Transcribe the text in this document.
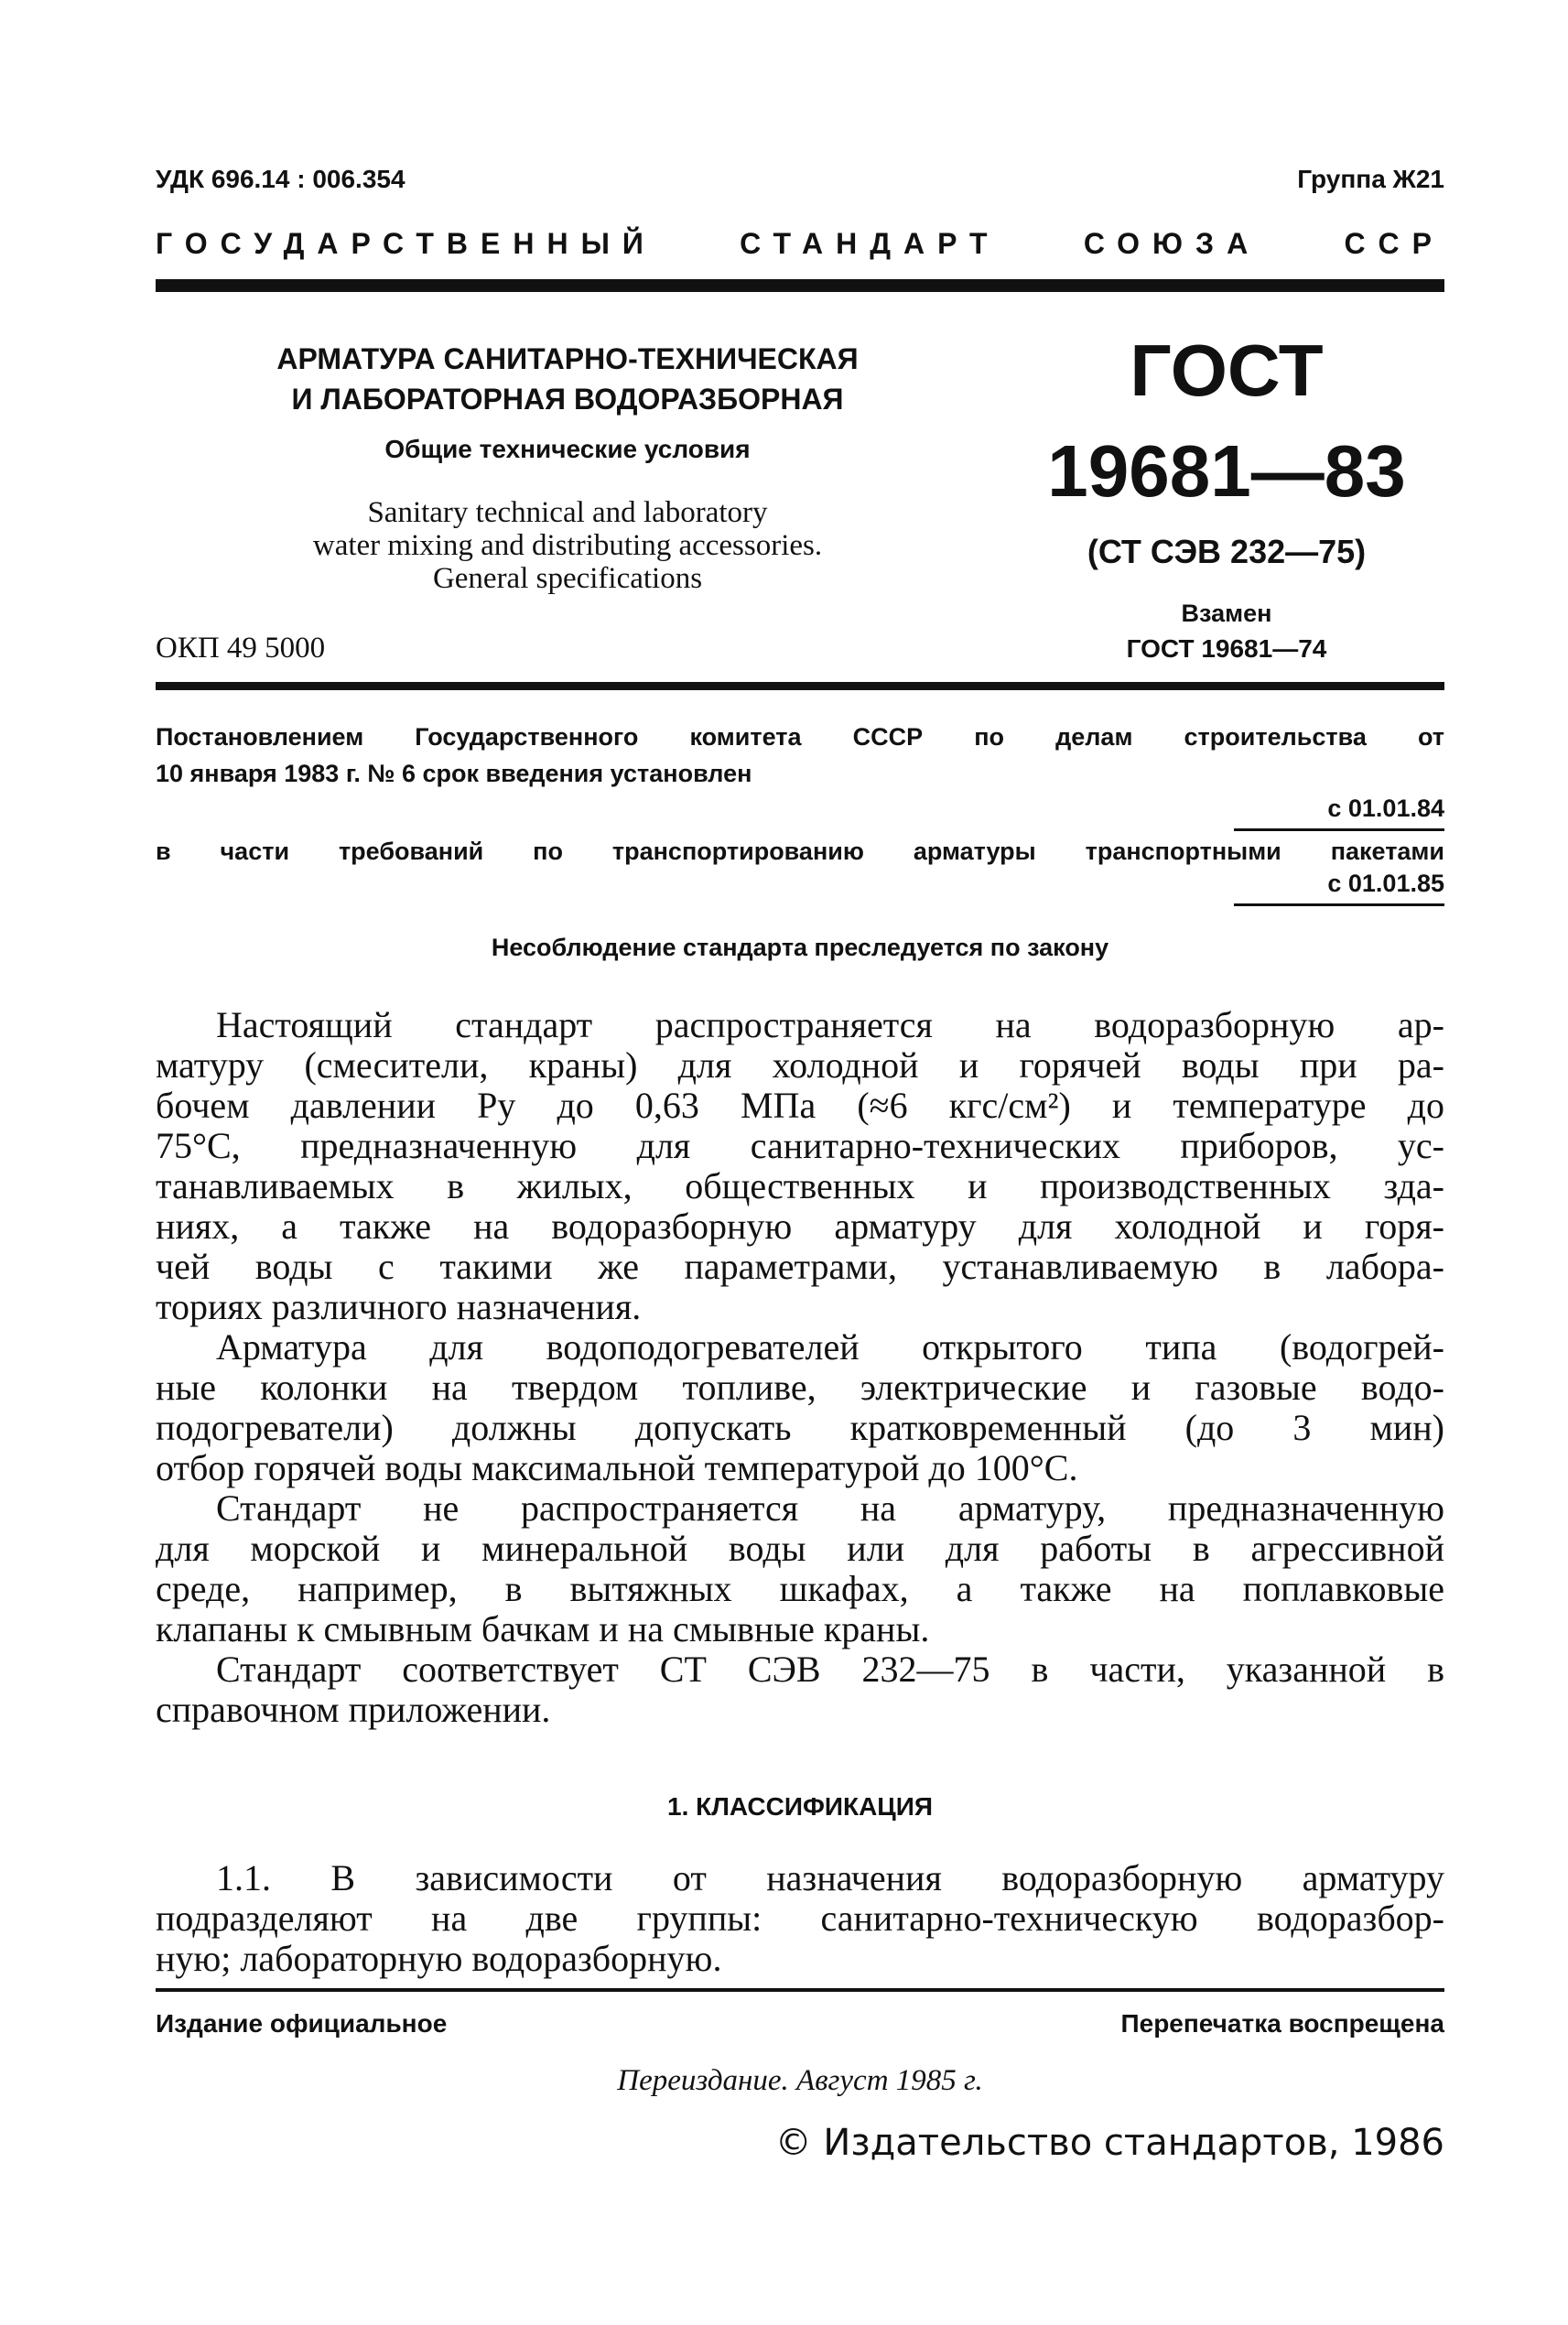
УДК 696.14 : 006.354	Группа Ж21
ГОСУДАРСТВЕННЫЙ СТАНДАРТ СОЮЗА ССР
АРМАТУРА САНИТАРНО-ТЕХНИЧЕСКАЯ
И ЛАБОРАТОРНАЯ ВОДОРАЗБОРНАЯ
Общие технические условия
Sanitary technical and laboratory
water mixing and distributing accessories.
General specifications
ОКП 49 5000
ГОСТ
19681—83
(СТ СЭВ 232—75)
Взамен
ГОСТ 19681—74
Постановлением Государственного комитета СССР по делам строительства от
10 января 1983 г. № 6 срок введения установлен
с 01.01.84
в части требований по транспортированию арматуры транспортными пакетами
с 01.01.85
Несоблюдение стандарта преследуется по закону
Настоящий стандарт распространяется на водоразборную ар-
матуру (смесители, краны) для холодной и горячей воды при ра-
бочем давлении Ру до 0,63 МПа (≈6 кгс/см²) и температуре до
75°С, предназначенную для санитарно-технических приборов, ус-
танавливаемых в жилых, общественных и производственных зда-
ниях, а также на водоразборную арматуру для холодной и горя-
чей воды с такими же параметрами, устанавливаемую в лабора-
ториях различного назначения.
Арматура для водоподогревателей открытого типа (водогрей-
ные колонки на твердом топливе, электрические и газовые водо-
подогреватели) должны допускать кратковременный (до 3 мин)
отбор горячей воды максимальной температурой до 100°С.
Стандарт не распространяется на арматуру, предназначенную
для морской и минеральной воды или для работы в агрессивной
среде, например, в вытяжных шкафах, а также на поплавковые
клапаны к смывным бачкам и на смывные краны.
Стандарт соответствует СТ СЭВ 232—75 в части, указанной в
справочном приложении.
1. КЛАССИФИКАЦИЯ
1.1. В зависимости от назначения водоразборную арматуру
подразделяют на две группы: санитарно-техническую водоразбор-
ную; лабораторную водоразборную.
Издание официальное	Перепечатка воспрещена
Переиздание. Август 1985 г.
© Издательство стандартов, 1986
